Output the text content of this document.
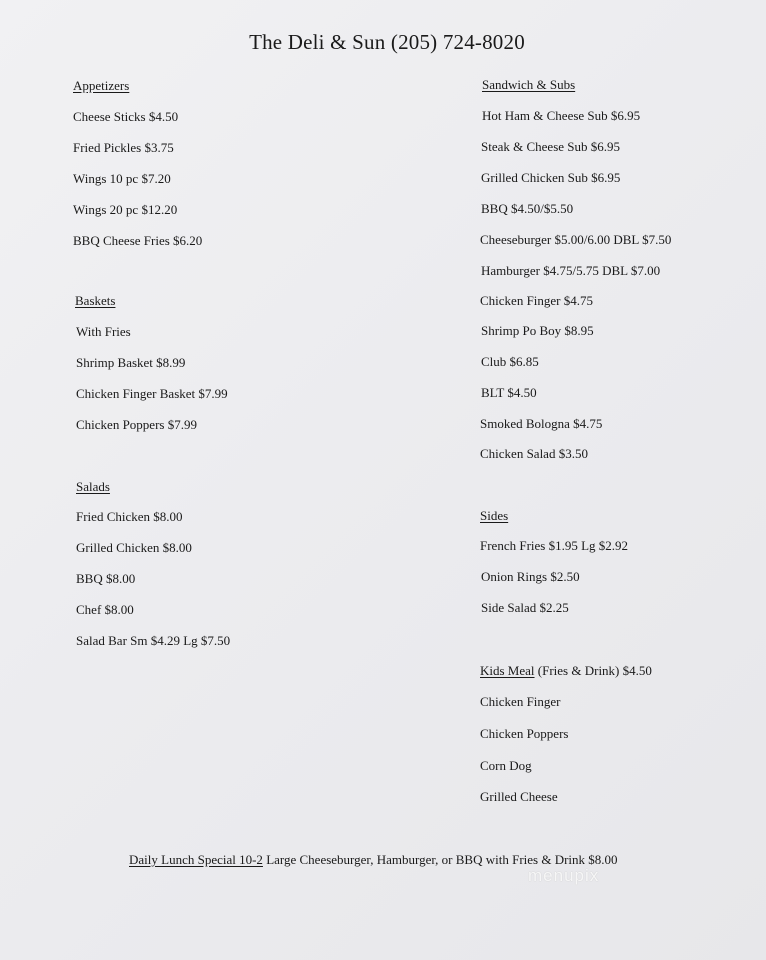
The Deli & Sun (205) 724-8020
Appetizers
Cheese Sticks $4.50
Fried Pickles $3.75
Wings 10 pc $7.20
Wings 20 pc $12.20
BBQ Cheese Fries $6.20
Baskets
With Fries
Shrimp Basket $8.99
Chicken Finger Basket $7.99
Chicken Poppers $7.99
Salads
Fried Chicken $8.00
Grilled Chicken $8.00
BBQ $8.00
Chef $8.00
Salad Bar Sm $4.29 Lg $7.50
Sandwich & Subs
Hot Ham & Cheese Sub $6.95
Steak & Cheese Sub $6.95
Grilled Chicken Sub $6.95
BBQ $4.50/$5.50
Cheeseburger $5.00/6.00 DBL $7.50
Hamburger $4.75/5.75 DBL $7.00
Chicken Finger $4.75
Shrimp Po Boy $8.95
Club $6.85
BLT $4.50
Smoked Bologna $4.75
Chicken Salad $3.50
Sides
French Fries $1.95 Lg $2.92
Onion Rings $2.50
Side Salad $2.25
Kids Meal (Fries & Drink) $4.50
Chicken Finger
Chicken Poppers
Corn Dog
Grilled Cheese
Daily Lunch Special 10-2 Large Cheeseburger, Hamburger, or BBQ with Fries & Drink $8.00
menupix
